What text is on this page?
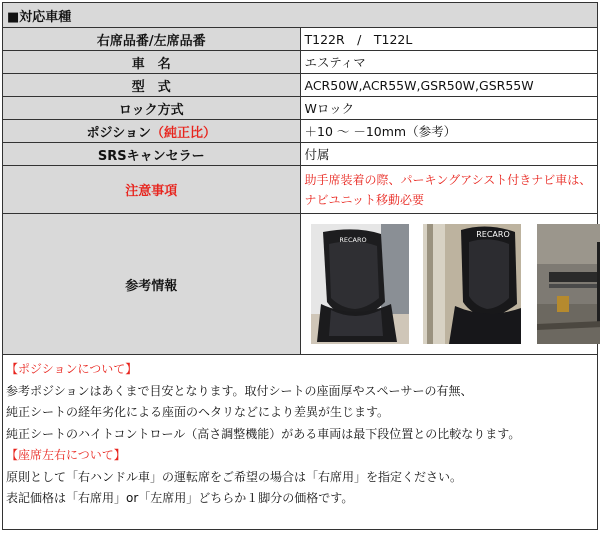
■対応車種	
右席品番/左席品番	T122R　/　T122L
車　名	エスティマ
型　式	ACR50W,ACR55W,GSR50W,GSR55W
ロック方式	Wロック
ポジション（純正比）	＋10 ～ －10mm（参考）
SRSキャンセラー	付属
注意事項	助手席装着の際、パーキングアシスト付きナビ車は、
ナビユニット移動必要

参考情報	RECARO
RECARO
【ポジションについて】
参考ポジションはあくまで目安となります。取付シートの座面厚やスペーサーの有無、
純正シートの経年劣化による座面のヘタリなどにより差異が生じます。
純正シートのハイトコントロール（高さ調整機能）がある車両は最下段位置との比較なります。
【座席左右について】
原則として「右ハンドル車」の運転席をご希望の場合は「右席用」を指定ください。
表記価格は「右席用」or「左席用」どちらか１脚分の価格です。
